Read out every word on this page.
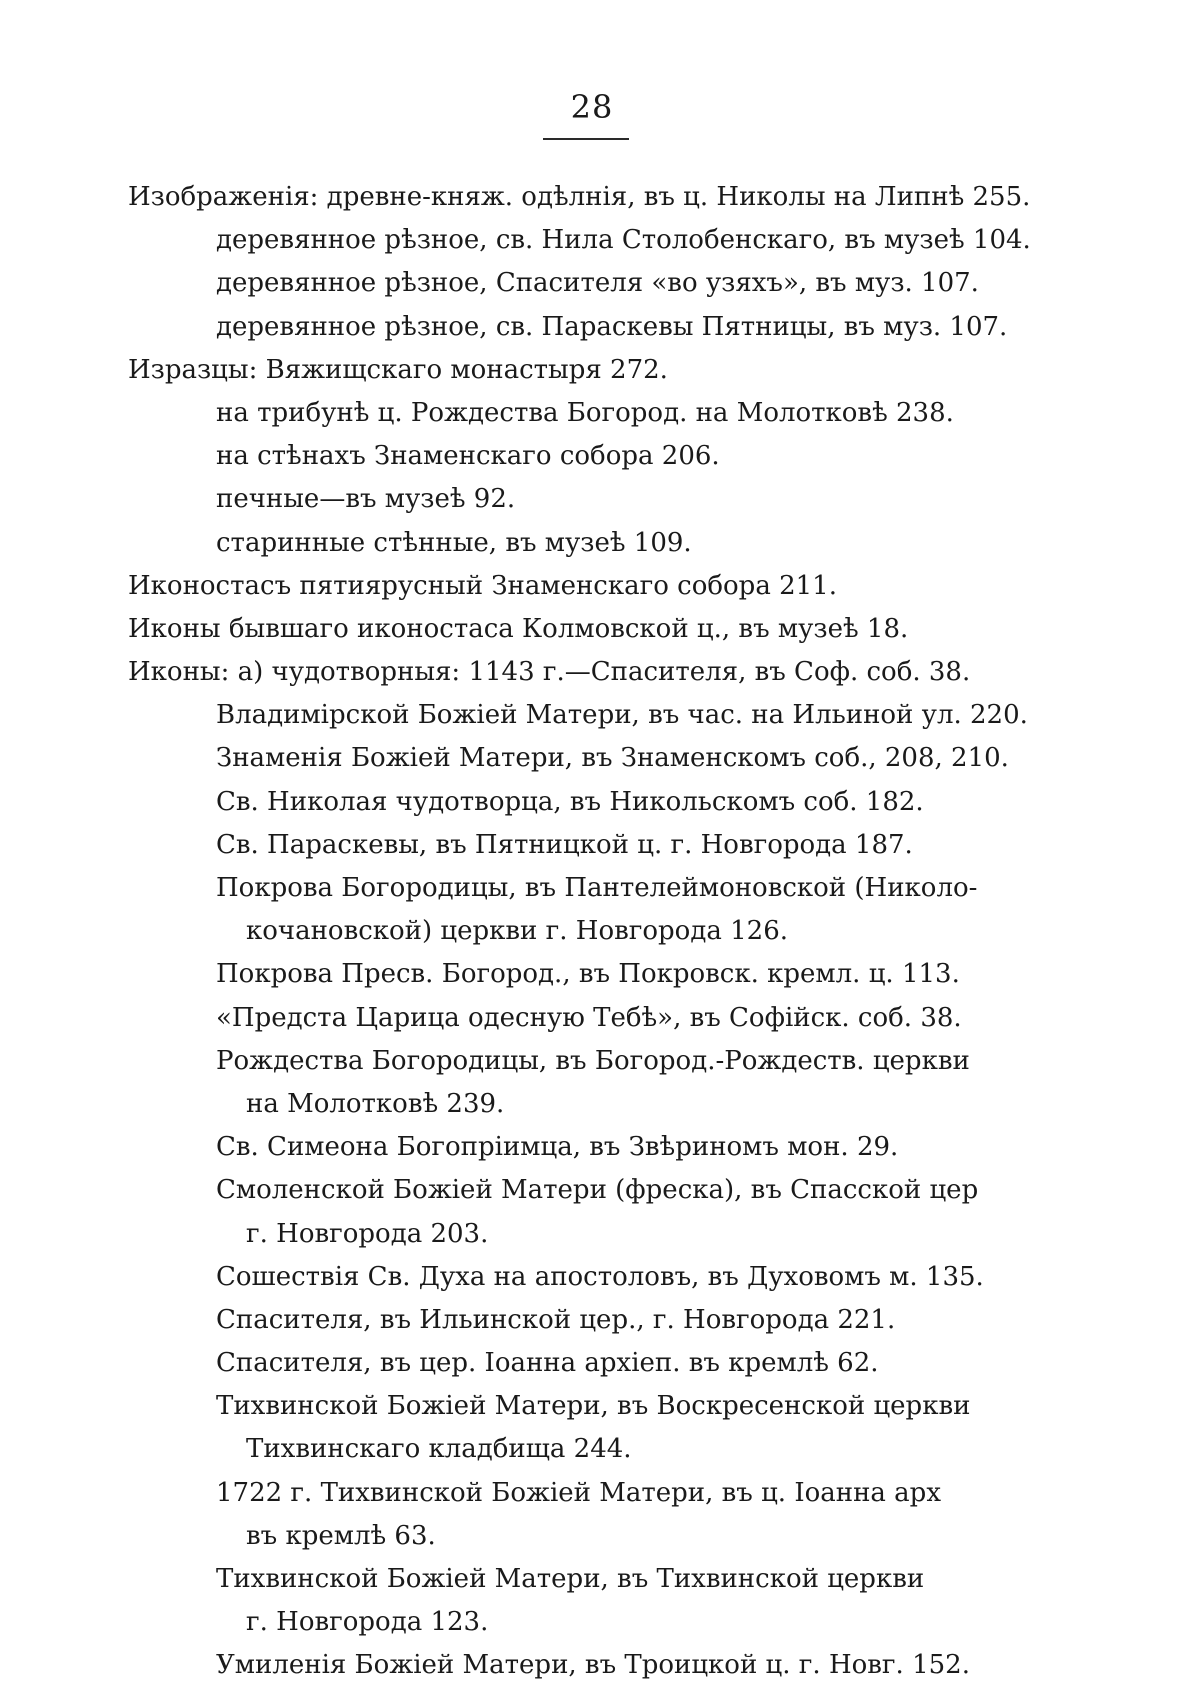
28
Изображенія: древне-княж. одѣлнія, въ ц. Николы на Липнѣ 255.
деревянное рѣзное, св. Нила Столобенскаго, въ музеѣ 104.
деревянное рѣзное, Спасителя «во узяхъ», въ муз. 107.
деревянное рѣзное, св. Параскевы Пятницы, въ муз. 107.
Изразцы: Вяжищскаго монастыря 272.
на трибунѣ ц. Рождества Богород. на Молотковѣ 238.
на стѣнахъ Знаменскаго собора 206.
печные—въ музеѣ 92.
старинные стѣнные, въ музеѣ 109.
Иконостасъ пятиярусный Знаменскаго собора 211.
Иконы бывшаго иконостаса Колмовской ц., въ музеѣ 18.
Иконы: а) чудотворныя: 1143 г.—Спасителя, въ Соф. соб. 38.
Владимірской Божіей Матери, въ час. на Ильиной ул. 220.
Знаменія Божіей Матери, въ Знаменскомъ соб., 208, 210.
Св. Николая чудотворца, въ Никольскомъ соб. 182.
Св. Параскевы, въ Пятницкой ц. г. Новгорода 187.
Покрова Богородицы, въ Пантелеймоновской (Николо-
кочановской) церкви г. Новгорода 126.
Покрова Пресв. Богород., въ Покровск. кремл. ц. 113.
«Предста Царица одесную Тебѣ», въ Софійск. соб. 38.
Рождества Богородицы, въ Богород.-Рождеств. церкви
на Молотковѣ 239.
Св. Симеона Богопріимца, въ Звѣриномъ мон. 29.
Смоленской Божіей Матери (фреска), въ Спасской цер
г. Новгорода 203.
Сошествія Св. Духа на апостоловъ, въ Духовомъ м. 135.
Спасителя, въ Ильинской цер., г. Новгорода 221.
Спасителя, въ цер. Іоанна архіеп. въ кремлѣ 62.
Тихвинской Божіей Матери, въ Воскресенской церкви
Тихвинскаго кладбища 244.
1722 г. Тихвинской Божіей Матери, въ ц. Іоанна арх
въ кремлѣ 63.
Тихвинской Божіей Матери, въ Тихвинской церкви
г. Новгорода 123.
Умиленія Божіей Матери, въ Троицкой ц. г. Новг. 152.
